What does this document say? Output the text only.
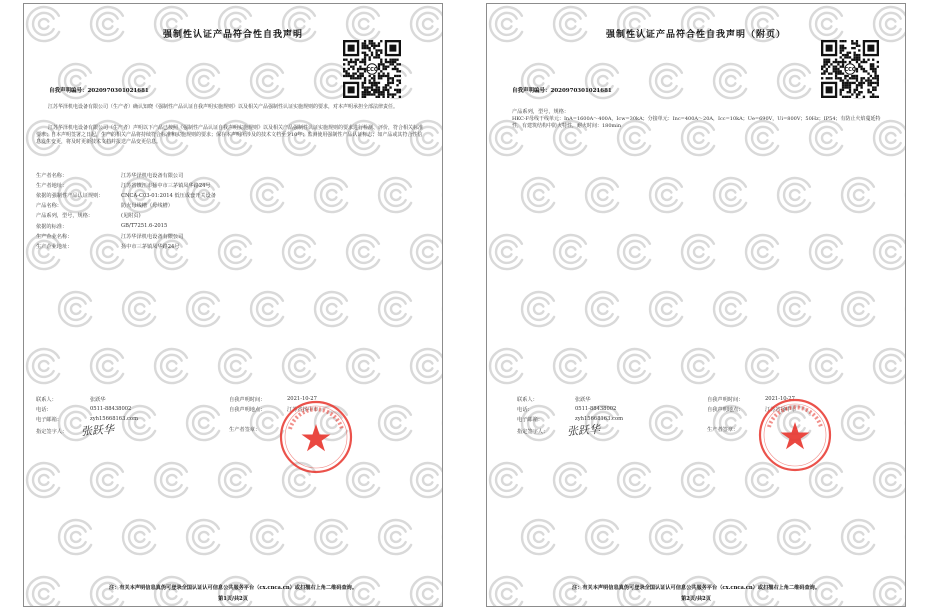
强制性认证产品符合性自我声明
CCC
自我声明编号：2020970301021681
江苏华泽机电设备有限公司（生产者）确认知晓《强制性产品认证自我声明实施规则》以及相关产品强制性认证实施规则的要求，对本声明承担全部法律责任。
江苏华泽机电设备有限公司（生产者）声明以下产品已按照《强制性产品认证自我声明实施规则》以及相关产品强制性认证实施规则的要求进行检测、评价，符合相关标准要求；自本声明签署之日起，生产的相关产品将持续符合标准和实施规则的要求；保存本声明所涉及的技术文档至少10年；监测使用强制性产品认证标志；如产品或其符合性信息发生变更，将及时更新技术文档并报送产品变更信息。
生产者名称：	江苏华泽机电设备有限公司
生产者地址：	江苏省镇江市扬中市三茅镇凤华路24号
依据的强制性产品认证规则：	CNCA-C03-01:2014 低压成套开关设备
产品名称：	防火母线槽（母线槽）
产品系列，型号，规格：	(见附页)
依据的标准：	GB/T7251.6-2015
生产企业名称：	江苏华泽机电设备有限公司
生产企业地址：	扬中市三茅镇凤华路24号
联系人：	张跃华
电话：	0511-88438002
电子邮箱：	zyh15668163.com
指定签字人： 张跃华
自我声明时间：	2021-10-27
自我声明地点：	江苏省扬中市
生产者签章：
注：有关本声明信息真伪可登录全国认证认可信息公共服务平台（cx.cnca.cn）或扫描右上角二维码查询。
第1页/共2页
强制性认证产品符合性自我声明（附页）
CCC
自我声明编号：2020970301021681
产品系列，型号，规格：
HKC-F母线干线单元：InA=1600A～400A，Icw=30kA；分接单元：Inc=400A～20A，Icc=10kA；Ue=690V，Ui=800V；50Hz；IP54；有防止火焰蔓延特性，有建筑结构中防火特性，耐火时间：180min
联系人：	张跃华
电话：	0511-88438002
电子邮箱：	zyh15668163.com
指定签字人： 张跃华
自我声明时间：	2021-10-27
自我声明地点：	江苏省扬中市
生产者签章：
注：有关本声明信息真伪可登录全国认证认可信息公共服务平台（cx.cnca.cn）或扫描右上角二维码查询。
第2页/共2页
